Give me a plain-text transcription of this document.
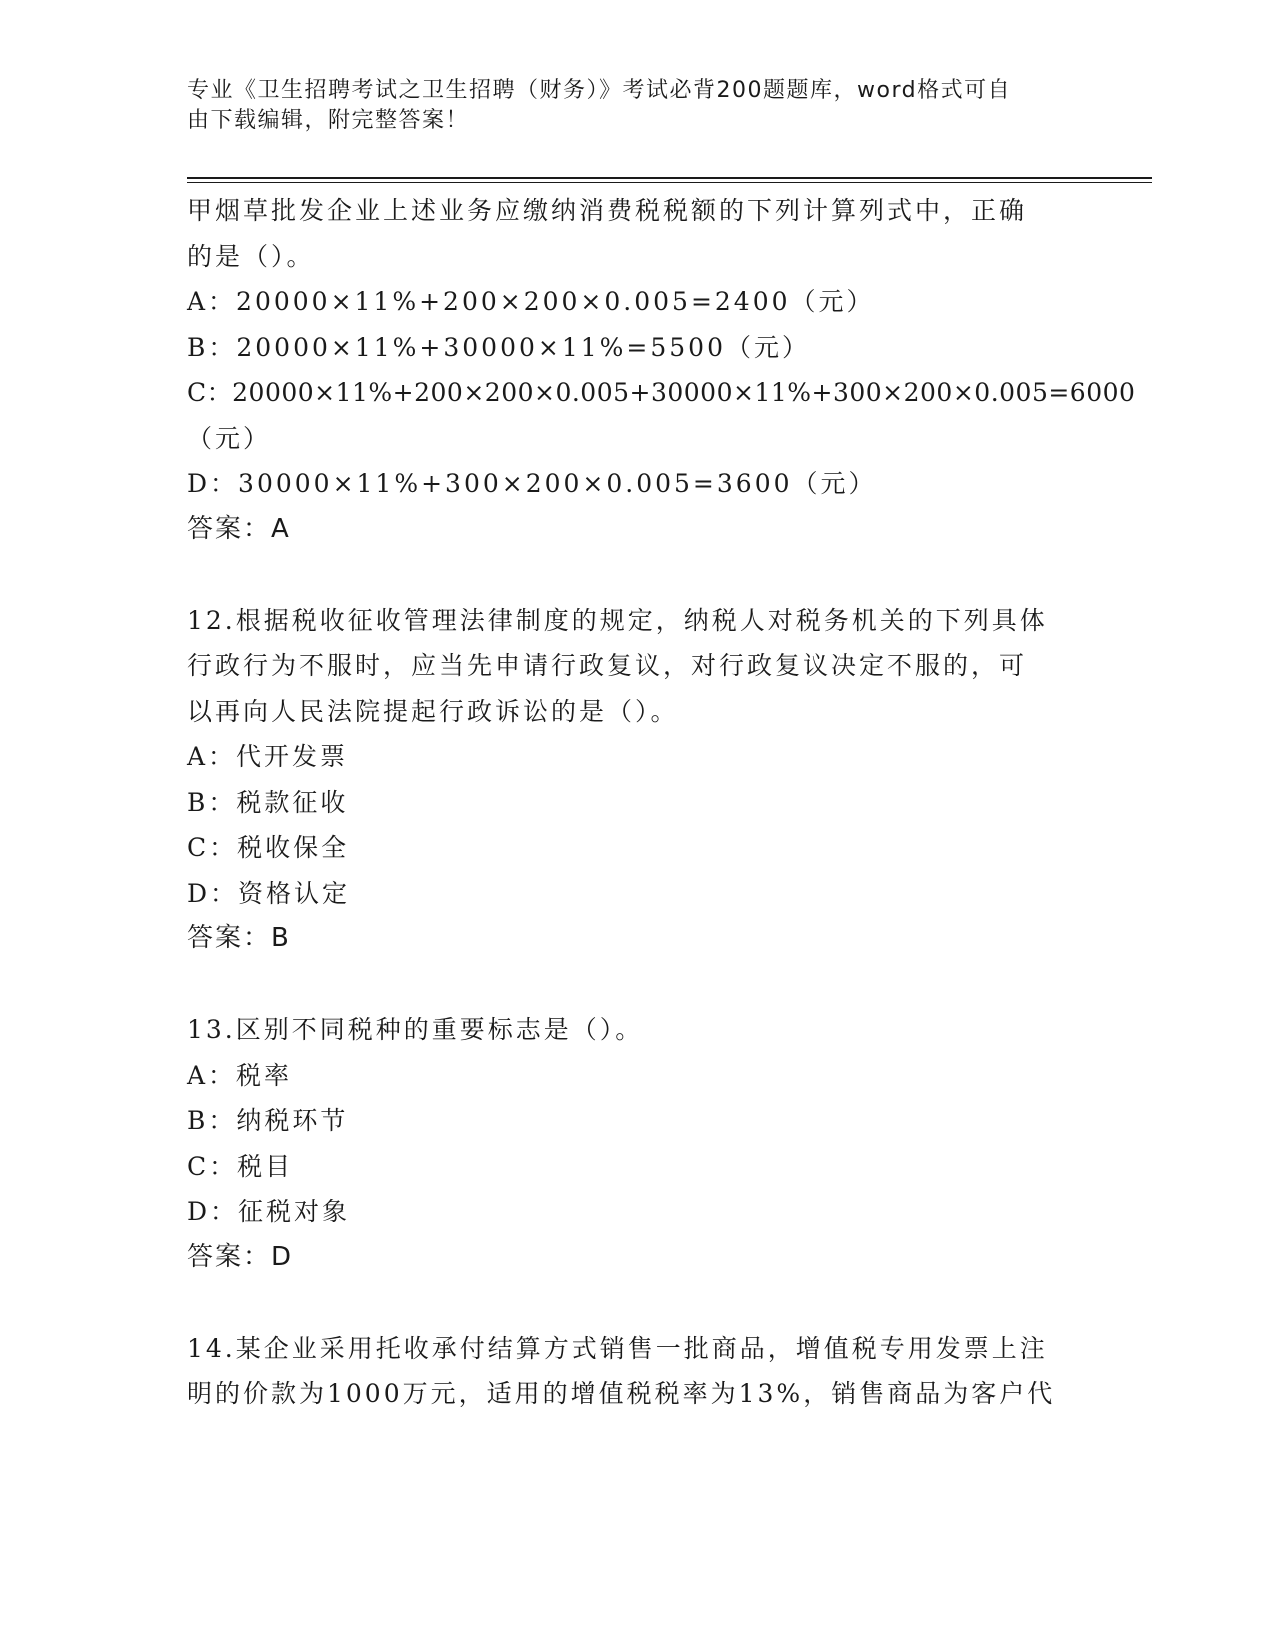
专业《卫生招聘考试之卫生招聘（财务）》考试必背200题题库，word格式可自
由下载编辑，附完整答案！
甲烟草批发企业上述业务应缴纳消费税税额的下列计算列式中，正确
的是（）。
A：20000×11%+200×200×0.005=2400（元）
B：20000×11%+30000×11%=5500（元）
C：20000×11%+200×200×0.005+30000×11%+300×200×0.005=6000
（元）
D：30000×11%+300×200×0.005=3600（元）
答案：A
12.根据税收征收管理法律制度的规定，纳税人对税务机关的下列具体
行政行为不服时，应当先申请行政复议，对行政复议决定不服的，可
以再向人民法院提起行政诉讼的是（）。
A：代开发票
B：税款征收
C：税收保全
D：资格认定
答案：B
13.区别不同税种的重要标志是（）。
A：税率
B：纳税环节
C：税目
D：征税对象
答案：D
14.某企业采用托收承付结算方式销售一批商品，增值税专用发票上注
明的价款为1000万元，适用的增值税税率为13%，销售商品为客户代
